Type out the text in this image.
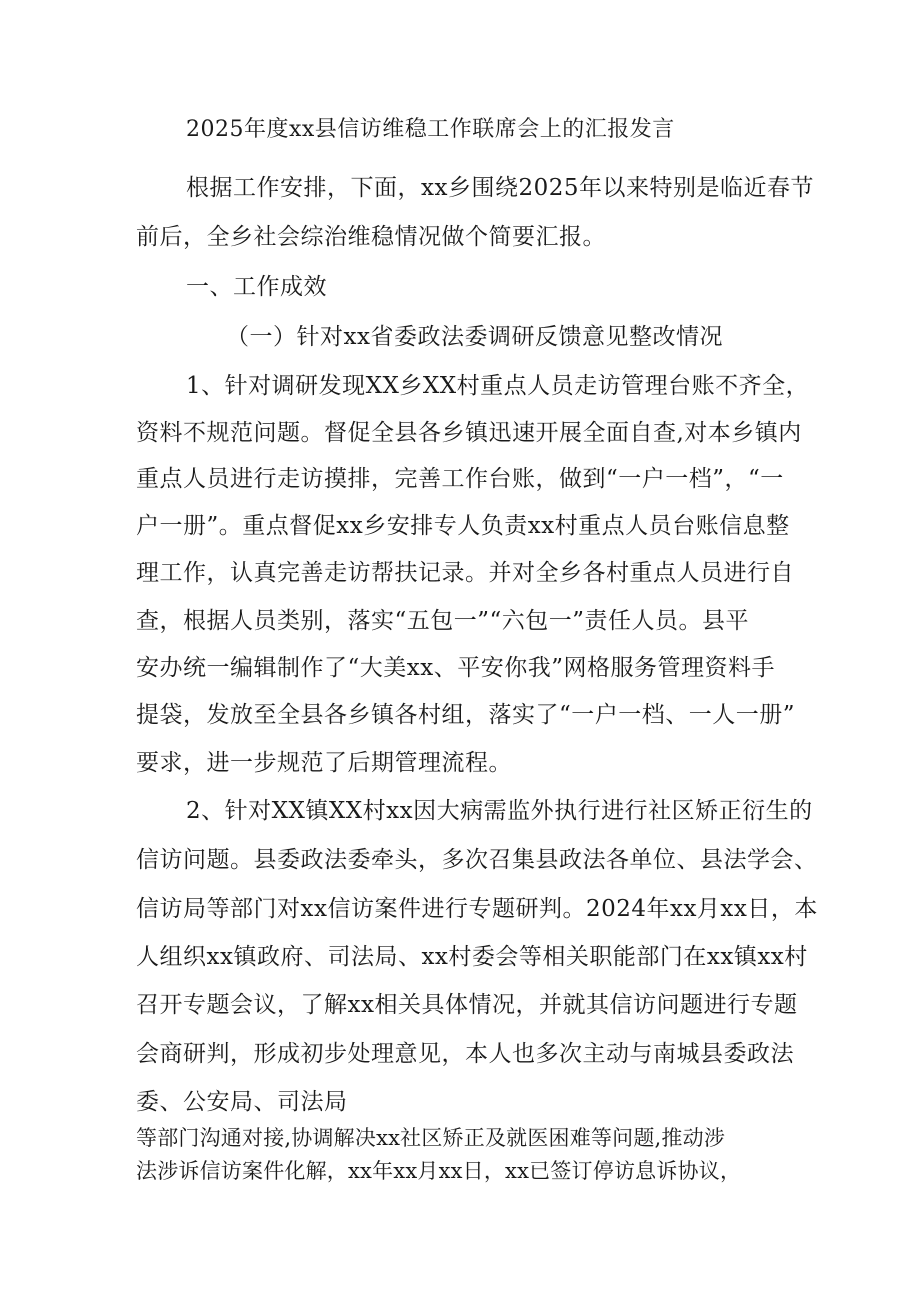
2025年度xx县信访维稳工作联席会上的汇报发言
根据工作安排，下面，xx乡围绕2025年以来特别是临近春节
前后，全乡社会综治维稳情况做个简要汇报。
一、工作成效
（一）针对xx省委政法委调研反馈意见整改情况
1、针对调研发现XX乡XX村重点人员走访管理台账不齐全，
资料不规范问题。督促全县各乡镇迅速开展全面自查,对本乡镇内
重点人员进行走访摸排，完善工作台账，做到“一户一档”，“一
户一册”。重点督促xx乡安排专人负责xx村重点人员台账信息整
理工作，认真完善走访帮扶记录。并对全乡各村重点人员进行自
查，根据人员类别，落实“五包一”“六包一”责任人员。县平
安办统一编辑制作了“大美xx、平安你我”网格服务管理资料手
提袋，发放至全县各乡镇各村组，落实了“一户一档、一人一册”
要求，进一步规范了后期管理流程。
2、针对XX镇XX村xx因大病需监外执行进行社区矫正衍生的
信访问题。县委政法委牵头，多次召集县政法各单位、县法学会、
信访局等部门对xx信访案件进行专题研判。2024年xx月xx日，本
人组织xx镇政府、司法局、xx村委会等相关职能部门在xx镇xx村
召开专题会议，了解xx相关具体情况，并就其信访问题进行专题
会商研判，形成初步处理意见，本人也多次主动与南城县委政法
委、公安局、司法局
等部门沟通对接,协调解决xx社区矫正及就医困难等问题,推动涉
法涉诉信访案件化解，xx年xx月xx日，xx已签订停访息诉协议，
